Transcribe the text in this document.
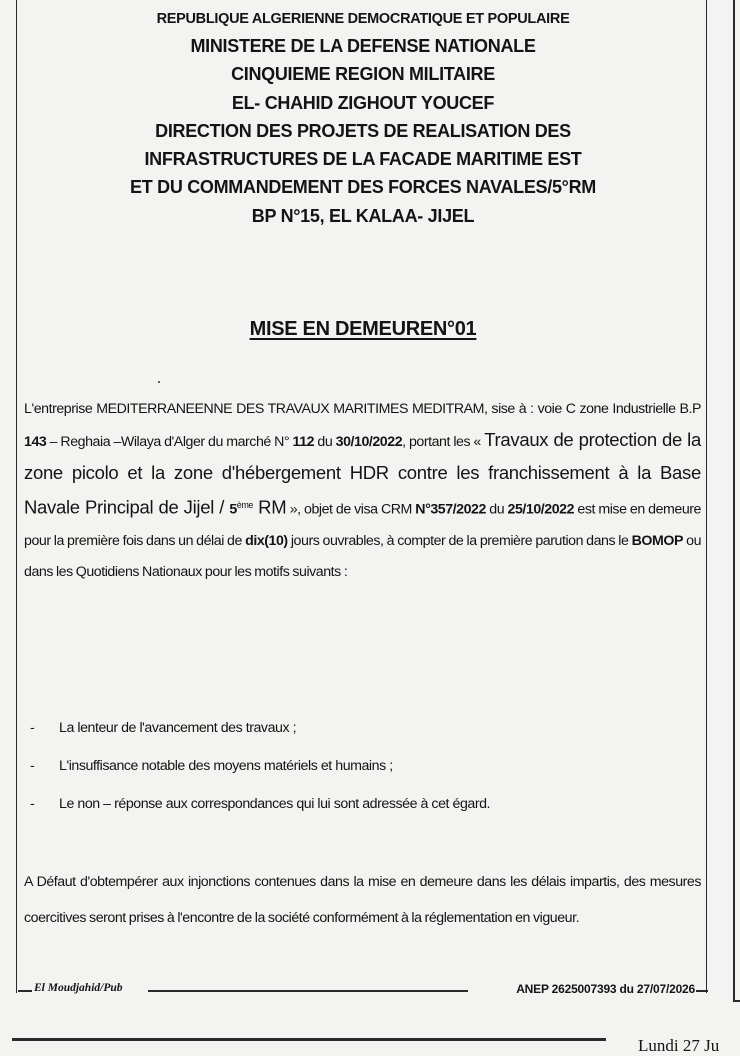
REPUBLIQUE ALGERIENNE DEMOCRATIQUE ET POPULAIRE
MINISTERE DE LA DEFENSE NATIONALE
CINQUIEME REGION MILITAIRE
EL- CHAHID ZIGHOUT YOUCEF
DIRECTION DES PROJETS DE REALISATION DES
INFRASTRUCTURES DE LA FACADE MARITIME EST
ET DU COMMANDEMENT DES FORCES NAVALES/5°RM
BP N°15, EL KALAA- JIJEL
MISE EN DEMEUREN°01
L'entreprise MEDITERRANEENNE DES TRAVAUX MARITIMES MEDITRAM, sise à : voie C zone Industrielle B.P 143 – Reghaia –Wilaya d'Alger du marché N° 112 du 30/10/2022, portant les « Travaux de protection de la zone picolo et la zone d'hébergement HDR contre les franchissement à la Base Navale Principal de Jijel / 5ème RM », objet de visa CRM N°357/2022 du 25/10/2022 est mise en demeure pour la première fois dans un délai de dix(10) jours ouvrables, à compter de la première parution dans le BOMOP ou dans les Quotidiens Nationaux pour les motifs suivants :
-	La lenteur de l'avancement des travaux ;
-	L'insuffisance notable des moyens matériels et humains ;
-	Le non – réponse aux correspondances qui lui sont adressée à cet égard.
A Défaut d'obtempérer aux injonctions contenues dans la mise en demeure dans les délais impartis, des mesures coercitives seront prises à l'encontre de la société conformément à la réglementation en vigueur.
El Moudjahid/Pub	ANEP 2625007393 du 27/07/2026
Lundi 27 Ju
